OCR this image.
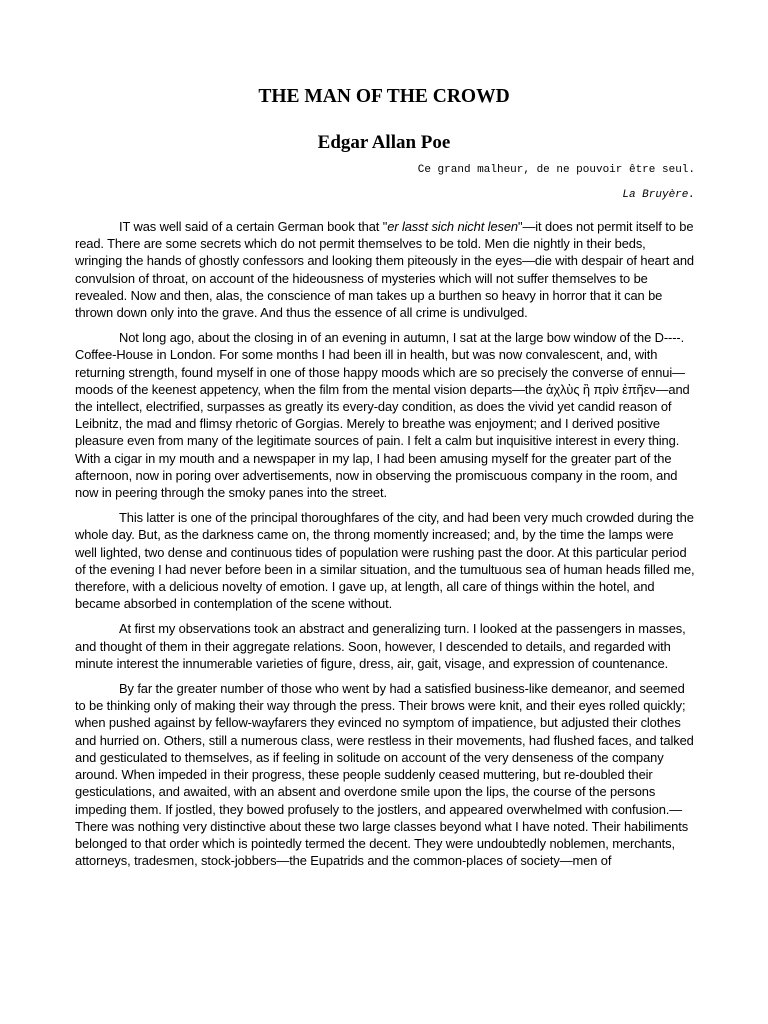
THE MAN OF THE CROWD
Edgar Allan Poe
Ce grand malheur, de ne pouvoir être seul.
La Bruyère.

IT was well said of a certain German book that "er lasst sich nicht lesen"—it does not permit itself to be read. There are some secrets which do not permit themselves to be told. Men die nightly in their beds, wringing the hands of ghostly confessors and looking them piteously in the eyes—die with despair of heart and convulsion of throat, on account of the hideousness of mysteries which will not suffer themselves to be revealed. Now and then, alas, the conscience of man takes up a burthen so heavy in horror that it can be thrown down only into the grave. And thus the essence of all crime is undivulged.

Not long ago, about the closing in of an evening in autumn, I sat at the large bow window of the D----. Coffee-House in London. For some months I had been ill in health, but was now convalescent, and, with returning strength, found myself in one of those happy moods which are so precisely the converse of ennui—moods of the keenest appetency, when the film from the mental vision departs—the ἀχλὺς ἢ πρὶν ἐπῆεν—and the intellect, electrified, surpasses as greatly its every-day condition, as does the vivid yet candid reason of Leibnitz, the mad and flimsy rhetoric of Gorgias. Merely to breathe was enjoyment; and I derived positive pleasure even from many of the legitimate sources of pain. I felt a calm but inquisitive interest in every thing. With a cigar in my mouth and a newspaper in my lap, I had been amusing myself for the greater part of the afternoon, now in poring over advertisements, now in observing the promiscuous company in the room, and now in peering through the smoky panes into the street.

This latter is one of the principal thoroughfares of the city, and had been very much crowded during the whole day. But, as the darkness came on, the throng momently increased; and, by the time the lamps were well lighted, two dense and continuous tides of population were rushing past the door. At this particular period of the evening I had never before been in a similar situation, and the tumultuous sea of human heads filled me, therefore, with a delicious novelty of emotion. I gave up, at length, all care of things within the hotel, and became absorbed in contemplation of the scene without.

At first my observations took an abstract and generalizing turn. I looked at the passengers in masses, and thought of them in their aggregate relations. Soon, however, I descended to details, and regarded with minute interest the innumerable varieties of figure, dress, air, gait, visage, and expression of countenance.

By far the greater number of those who went by had a satisfied business-like demeanor, and seemed to be thinking only of making their way through the press. Their brows were knit, and their eyes rolled quickly; when pushed against by fellow-wayfarers they evinced no symptom of impatience, but adjusted their clothes and hurried on. Others, still a numerous class, were restless in their movements, had flushed faces, and talked and gesticulated to themselves, as if feeling in solitude on account of the very denseness of the company around. When impeded in their progress, these people suddenly ceased muttering, but re-doubled their gesticulations, and awaited, with an absent and overdone smile upon the lips, the course of the persons impeding them. If jostled, they bowed profusely to the jostlers, and appeared overwhelmed with confusion.—There was nothing very distinctive about these two large classes beyond what I have noted. Their habiliments belonged to that order which is pointedly termed the decent. They were undoubtedly noblemen, merchants, attorneys, tradesmen, stock-jobbers—the Eupatrids and the common-places of society—men of
